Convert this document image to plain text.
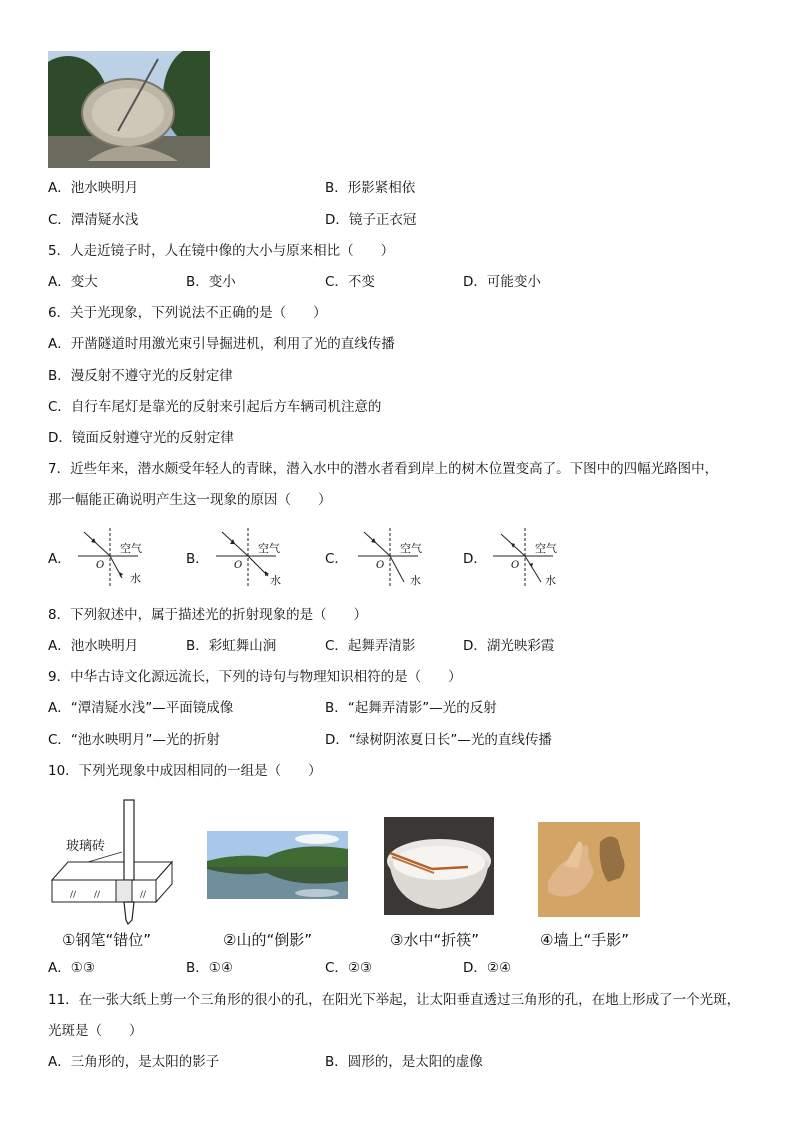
A．池水映明月	B．形影紧相依
C．潭清疑水浅	D．镜子正衣冠
5．人走近镜子时，人在镜中像的大小与原来相比（　　）
A．变大	B．变小	C．不变	D．可能变小
6．关于光现象，下列说法不正确的是（　　）
A．开凿隧道时用激光束引导掘进机，利用了光的直线传播
B．漫反射不遵守光的反射定律
C．自行车尾灯是靠光的反射来引起后方车辆司机注意的
D．镜面反射遵守光的反射定律
7．近些年来，潜水颇受年轻人的青睐，潜入水中的潜水者看到岸上的树木位置变高了。下图中的四幅光路图中，
那一幅能正确说明产生这一现象的原因（　　）
A．	B．	C．	D．
空气
O
水
空气
O
水
空气
O
水
空气
O
水
8．下列叙述中，属于描述光的折射现象的是（　　）
A．池水映明月	B．彩虹舞山涧	C．起舞弄清影	D．湖光映彩霞
9．中华古诗文化源远流长，下列的诗句与物理知识相符的是（　　）
A．“潭清疑水浅”—平面镜成像	B．“起舞弄清影”—光的反射
C．“池水映明月”—光的折射	D．“绿树阴浓夏日长”—光的直线传播
10．下列光现象中成因相同的一组是（　　）
// //	//
玻璃砖
①钢笔“错位”	②山的“倒影”	③水中“折筷”	④墙上“手影”
A．①③	B．①④	C．②③	D．②④
11．在一张大纸上剪一个三角形的很小的孔，在阳光下举起，让太阳垂直透过三角形的孔，在地上形成了一个光斑，
光斑是（　　）
A．三角形的，是太阳的影子	B．圆形的，是太阳的虚像
